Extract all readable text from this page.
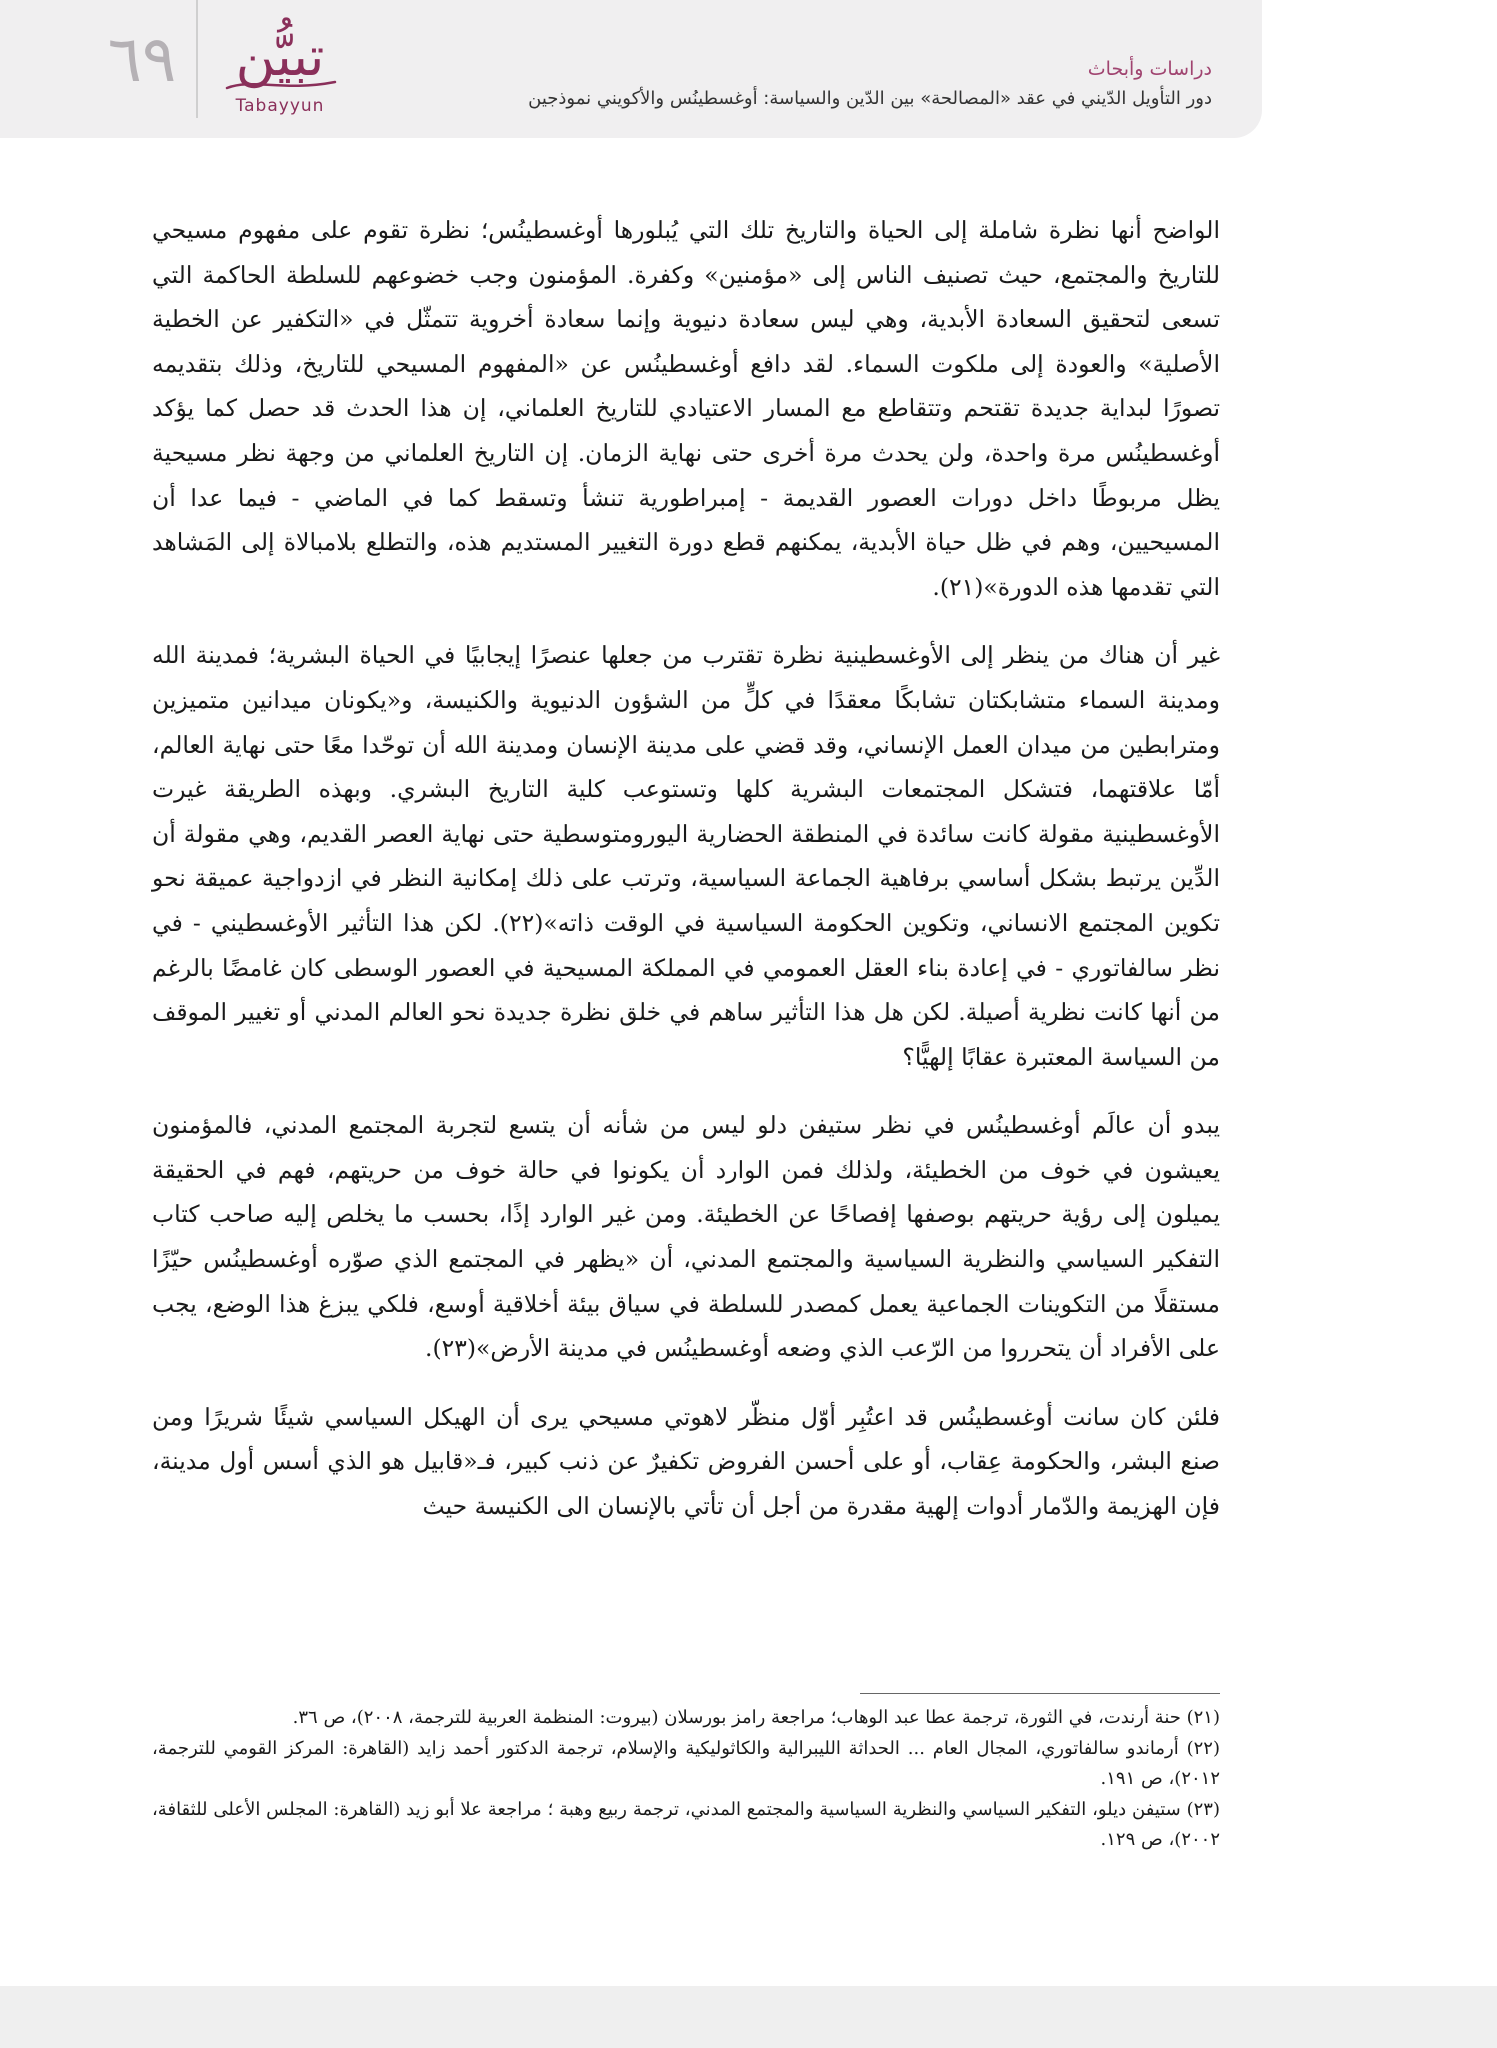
٦٩	تبيُّن
Tabayyun
دراسات وأبحاث
دور التأويل الدّيني في عقد «المصالحة» بين الدّين والسياسة: أوغسطينُس والأكويني نموذجين

الواضح أنها نظرة شاملة إلى الحياة والتاريخ تلك التي يُبلورها أوغسطينُس؛ نظرة تقوم على مفهوم مسيحي للتاريخ والمجتمع، حيث تصنيف الناس إلى «مؤمنين» وكفرة. المؤمنون وجب خضوعهم للسلطة الحاكمة التي تسعى لتحقيق السعادة الأبدية، وهي ليس سعادة دنيوية وإنما سعادة أخروية تتمثّل في «التكفير عن الخطية الأصلية» والعودة إلى ملكوت السماء. لقد دافع أوغسطينُس عن «المفهوم المسيحي للتاريخ، وذلك بتقديمه تصورًا لبداية جديدة تقتحم وتتقاطع مع المسار الاعتيادي للتاريخ العلماني، إن هذا الحدث قد حصل كما يؤكد أوغسطينُس مرة واحدة، ولن يحدث مرة أخرى حتى نهاية الزمان. إن التاريخ العلماني من وجهة نظر مسيحية يظل مربوطًا داخل دورات العصور القديمة - إمبراطورية تنشأ وتسقط كما في الماضي - فيما عدا أن المسيحيين، وهم في ظل حياة الأبدية، يمكنهم قطع دورة التغيير المستديم هذه، والتطلع بلامبالاة إلى المَشاهد التي تقدمها هذه الدورة»(٢١).

غير أن هناك من ينظر إلى الأوغسطينية نظرة تقترب من جعلها عنصرًا إيجابيًا في الحياة البشرية؛ فمدينة الله ومدينة السماء متشابكتان تشابكًا معقدًا في كلٍّ من الشؤون الدنيوية والكنيسة، و«يكونان ميدانين متميزين ومترابطين من ميدان العمل الإنساني، وقد قضي على مدينة الإنسان ومدينة الله أن توحّدا معًا حتى نهاية العالم، أمّا علاقتهما، فتشكل المجتمعات البشرية كلها وتستوعب كلية التاريخ البشري. وبهذه الطريقة غيرت الأوغسطينية مقولة كانت سائدة في المنطقة الحضارية اليورومتوسطية حتى نهاية العصر القديم، وهي مقولة أن الدِّين يرتبط بشكل أساسي برفاهية الجماعة السياسية، وترتب على ذلك إمكانية النظر في ازدواجية عميقة نحو تكوين المجتمع الانساني، وتكوين الحكومة السياسية في الوقت ذاته»(٢٢). لكن هذا التأثير الأوغسطيني - في نظر سالفاتوري - في إعادة بناء العقل العمومي في المملكة المسيحية في العصور الوسطى كان غامضًا بالرغم من أنها كانت نظرية أصيلة. لكن هل هذا التأثير ساهم في خلق نظرة جديدة نحو العالم المدني أو تغيير الموقف من السياسة المعتبرة عقابًا إلهيًّا؟

يبدو أن عالَم أوغسطينُس في نظر ستيفن دلو ليس من شأنه أن يتسع لتجربة المجتمع المدني، فالمؤمنون يعيشون في خوف من الخطيئة، ولذلك فمن الوارد أن يكونوا في حالة خوف من حريتهم، فهم في الحقيقة يميلون إلى رؤية حريتهم بوصفها إفصاحًا عن الخطيئة. ومن غير الوارد إذًا، بحسب ما يخلص إليه صاحب كتاب التفكير السياسي والنظرية السياسية والمجتمع المدني، أن «يظهر في المجتمع الذي صوّره أوغسطينُس حيّزًا مستقلًا من التكوينات الجماعية يعمل كمصدر للسلطة في سياق بيئة أخلاقية أوسع، فلكي يبزغ هذا الوضع، يجب على الأفراد أن يتحرروا من الرّعب الذي وضعه أوغسطينُس في مدينة الأرض»(٢٣).

فلئن كان سانت أوغسطينُس قد اعتُبِر أوّل منظّر لاهوتي مسيحي يرى أن الهيكل السياسي شيئًا شريرًا ومن صنع البشر، والحكومة عِقاب، أو على أحسن الفروض تكفيرٌ عن ذنب كبير، فـ«قابيل هو الذي أسس أول مدينة، فإن الهزيمة والدّمار أدوات إلهية مقدرة من أجل أن تأتي بالإنسان الى الكنيسة حيث

(٢١) حنة أرندت، في الثورة، ترجمة عطا عبد الوهاب؛ مراجعة رامز بورسلان (بيروت: المنظمة العربية للترجمة، ٢٠٠٨)، ص ٣٦.

(٢٢) أرماندو سالفاتوري، المجال العام ... الحداثة الليبرالية والكاثوليكية والإسلام، ترجمة الدكتور أحمد زايد (القاهرة: المركز القومي للترجمة، ٢٠١٢)، ص ١٩١.

(٢٣) ستيفن ديلو، التفكير السياسي والنظرية السياسية والمجتمع المدني، ترجمة ربيع وهبة ؛ مراجعة علا أبو زيد (القاهرة: المجلس الأعلى للثقافة، ٢٠٠٢)، ص ١٢٩.
